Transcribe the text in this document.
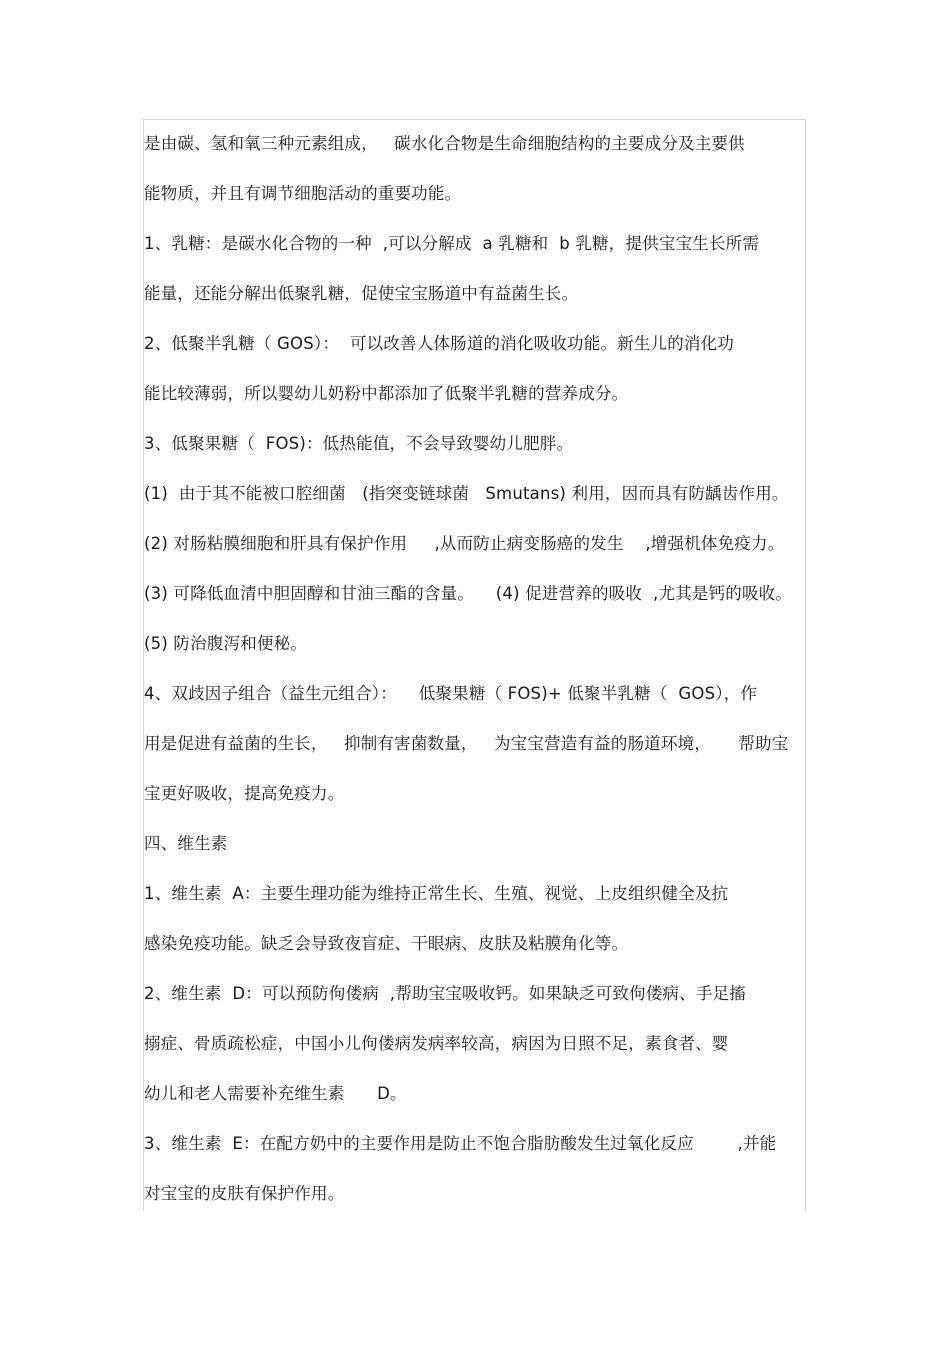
是由碳、氢和氧三种元素组成，   碳水化合物是生命细胞结构的主要成分及主要供
能物质，并且有调节细胞活动的重要功能。
1、乳糖：是碳水化合物的一种  ,可以分解成  a 乳糖和  b 乳糖，提供宝宝生长所需
能量，还能分解出低聚乳糖，促使宝宝肠道中有益菌生长。
2、低聚半乳糖（ GOS）：  可以改善人体肠道的消化吸收功能。新生儿的消化功
能比较薄弱，所以婴幼儿奶粉中都添加了低聚半乳糖的营养成分。
3、低聚果糖（  FOS)：低热能值，不会导致婴幼儿肥胖。
(1)  由于其不能被口腔细菌   (指突变链球菌   Smutans) 利用，因而具有防龋齿作用。
(2) 对肠粘膜细胞和肝具有保护作用     ,从而防止病变肠癌的发生    ,增强机体免疫力。
(3) 可降低血清中胆固醇和甘油三酯的含量。    (4) 促进营养的吸收  ,尤其是钙的吸收。
(5) 防治腹泻和便秘。
4、双歧因子组合（益生元组合）：    低聚果糖（ FOS)+ 低聚半乳糖（  GOS），作
用是促进有益菌的生长，   抑制有害菌数量，   为宝宝营造有益的肠道环境，     帮助宝
宝更好吸收，提高免疫力。
四、维生素
1、维生素  A：主要生理功能为维持正常生长、生殖、视觉、上皮组织健全及抗
感染免疫功能。缺乏会导致夜盲症、干眼病、皮肤及粘膜角化等。
2、维生素  D：可以预防佝偻病  ,帮助宝宝吸收钙。如果缺乏可致佝偻病、手足搐
搦症、骨质疏松症，中国小儿佝偻病发病率较高，病因为日照不足，素食者、婴
幼儿和老人需要补充维生素      D。
3、维生素  E：在配方奶中的主要作用是防止不饱合脂肪酸发生过氧化反应        ,并能
对宝宝的皮肤有保护作用。
